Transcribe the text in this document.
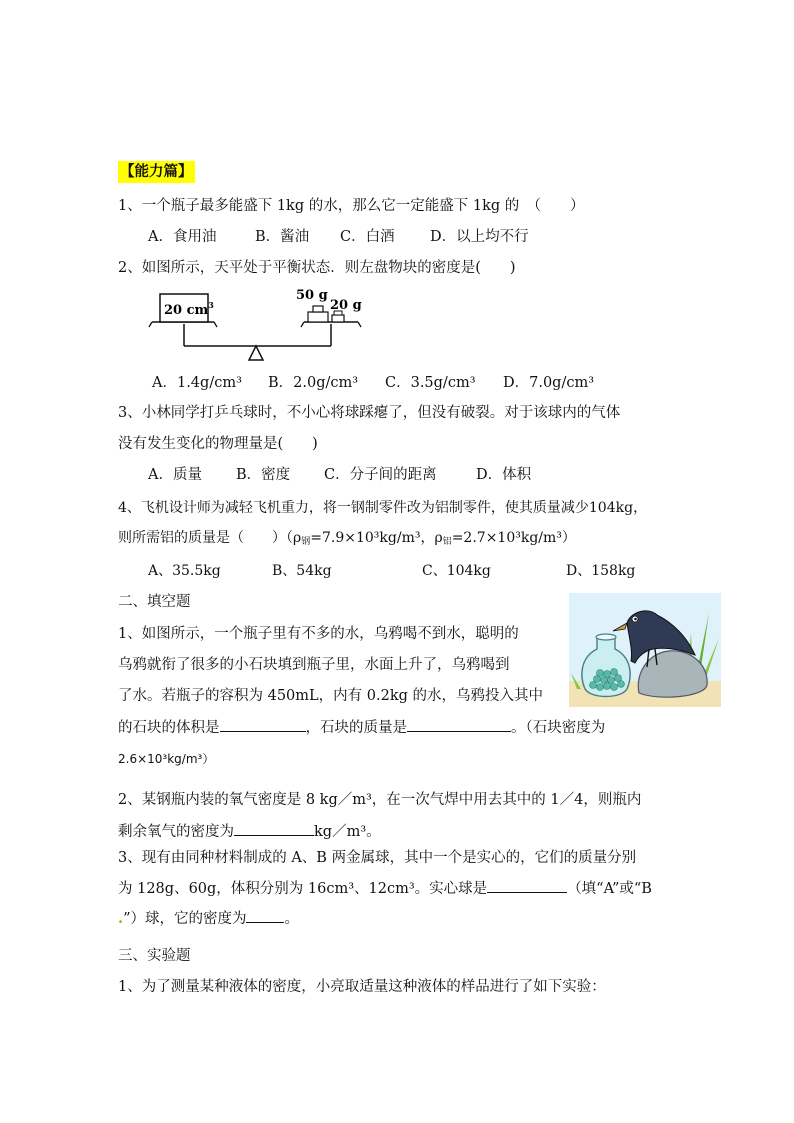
【能力篇】
1、一个瓶子最多能盛下 1kg 的水，那么它一定能盛下 1kg 的　（　　）
A．食用油	B．酱油 C．白酒 D．以上均不行
2、如图所示，天平处于平衡状态．则左盘物块的密度是(　　)
20 $cm^3$
50 g
20 g
A．1.4g/cm³ B．2.0g/cm³ C．3.5g/cm³ D．7.0g/cm³
3、小林同学打乒乓球时，不小心将球踩瘪了，但没有破裂。对于该球内的气体
没有发生变化的物理量是(　　)
A．质量 B．密度 C．分子间的距离	D．体积
4、飞机设计师为减轻飞机重力，将一钢制零件改为铝制零件，使其质量减少104kg，
则所需铝的质量是（　　）（$\rho_钢=7.9\times 10^3kg/m^3$，$\rho_铝=2.7\times 10^3kg/m^3$）
A、35.5kg	B、54kg	C、104kg	D、158kg
二、填空题
1、如图所示，一个瓶子里有不多的水，乌鸦喝不到水，聪明的
乌鸦就衔了很多的小石块填到瓶子里，水面上升了，乌鸦喝到
了水。若瓶子的容积为 450mL，内有 0.2kg 的水，乌鸦投入其中
的石块的体积是	，石块的质量是	。（石块密度为
2.6×10³kg/m³）
2、某钢瓶内装的氧气密度是 8 kg／m³，在一次气焊中用去其中的 1／4，则瓶内
剩余氧气的密度为	kg／m³。
3、现有由同种材料制成的 A、B 两金属球，其中一个是实心的，它们的质量分别
为 128g、60g，体积分别为 16cm³、12cm³。实心球是	（填“A”或“B
.”）球，它的密度为	。
三、实验题
1、为了测量某种液体的密度，小亮取适量这种液体的样品进行了如下实验：
